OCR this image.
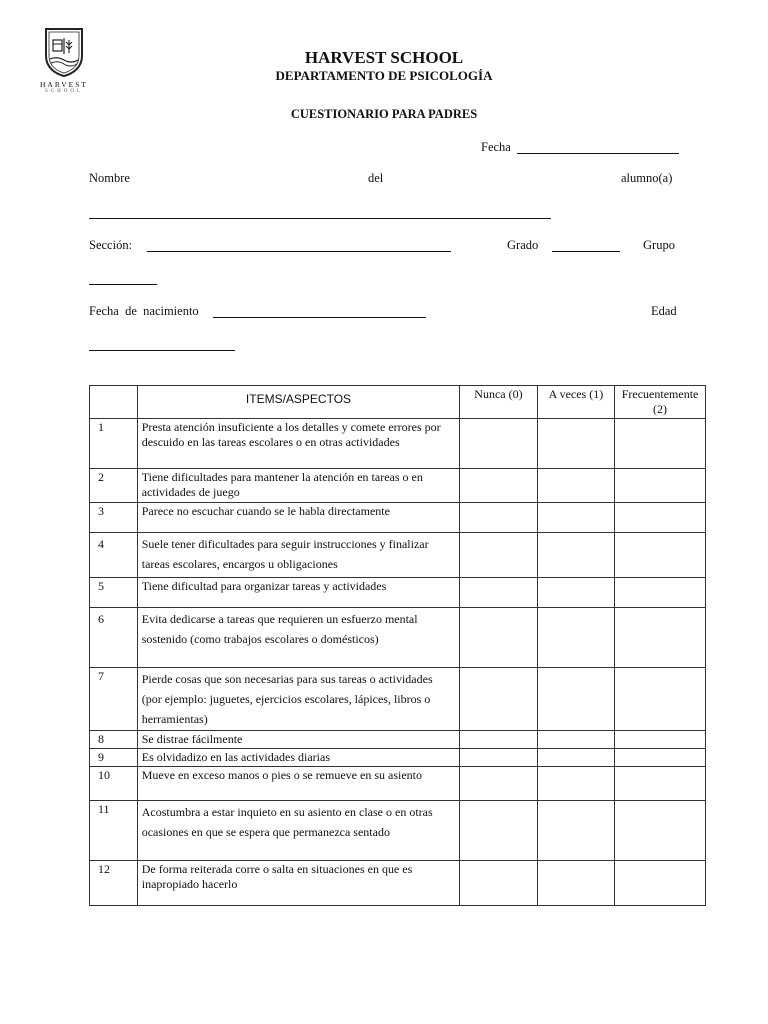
HARVEST
SCHOOL
HARVEST SCHOOL
DEPARTAMENTO DE PSICOLOGÍA
CUESTIONARIO PARA PADRES
Fecha
Nombre	del	alumno(a)
Sección:	Grado	Grupo
Fecha  de  nacimiento	Edad
	ITEMS/ASPECTOS	Nunca (0)	A veces (1)	Frecuentemente (2)
1	Presta atención insuficiente a los detalles y comete errores por descuido en las tareas escolares o en otras actividades			
2	Tiene dificultades para mantener la atención en tareas o en actividades de juego			
3	Parece no escuchar cuando se le habla directamente			
4	Suele tener dificultades para seguir instrucciones y finalizar tareas escolares, encargos u obligaciones			
5	Tiene dificultad para organizar tareas y actividades			
6	Evita dedicarse a tareas que requieren un esfuerzo mental sostenido (como trabajos escolares o domésticos)			
7	Pierde cosas que son necesarias para sus tareas o actividades (por ejemplo: juguetes, ejercicios escolares, lápices, libros o herramientas)			
8	Se distrae fácilmente			
9	Es olvidadizo en las actividades diarias			
10	Mueve en exceso manos o pies o se remueve en su asiento			
11	Acostumbra a estar inquieto en su asiento en clase o en otras ocasiones en que se espera que permanezca sentado			
12	De forma reiterada corre o salta en situaciones en que es inapropiado hacerlo			
